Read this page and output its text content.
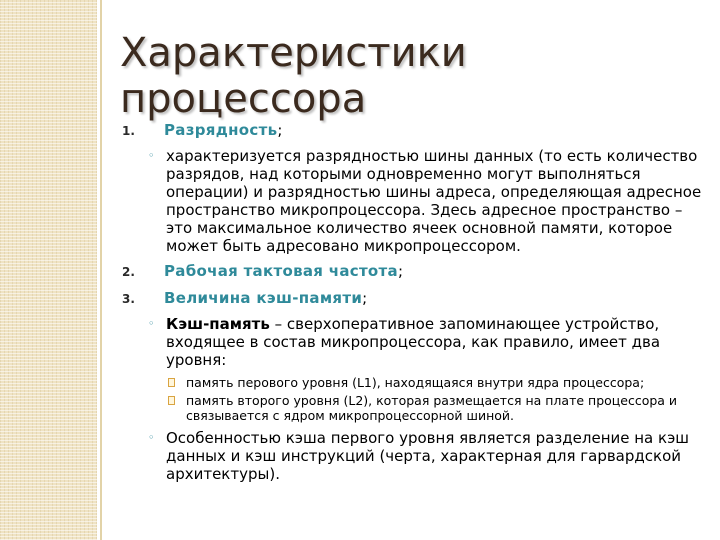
Характеристики процессора
1. Разрядность;
◦ характеризуется разрядностью шины данных (то есть количество разрядов, над которыми одновременно могут выполняться операции) и разрядностью шины адреса, определяющая адресное пространство микропроцессора. Здесь адресное пространство – это максимальное количество ячеек основной памяти, которое может быть адресовано микропроцессором.
2. Рабочая тактовая частота;
3. Величина кэш-памяти;
◦ Кэш-память – сверхоперативное запоминающее устройство, входящее в состав микропроцессора, как правило, имеет два уровня:
память перового уровня (L1), находящаяся внутри ядра процессора;
память второго уровня (L2), которая размещается на плате процессора и связывается с ядром микропроцессорной шиной.
◦ Особенностью кэша первого уровня является разделение на кэш данных и кэш инструкций (черта, характерная для гарвардской архитектуры).
